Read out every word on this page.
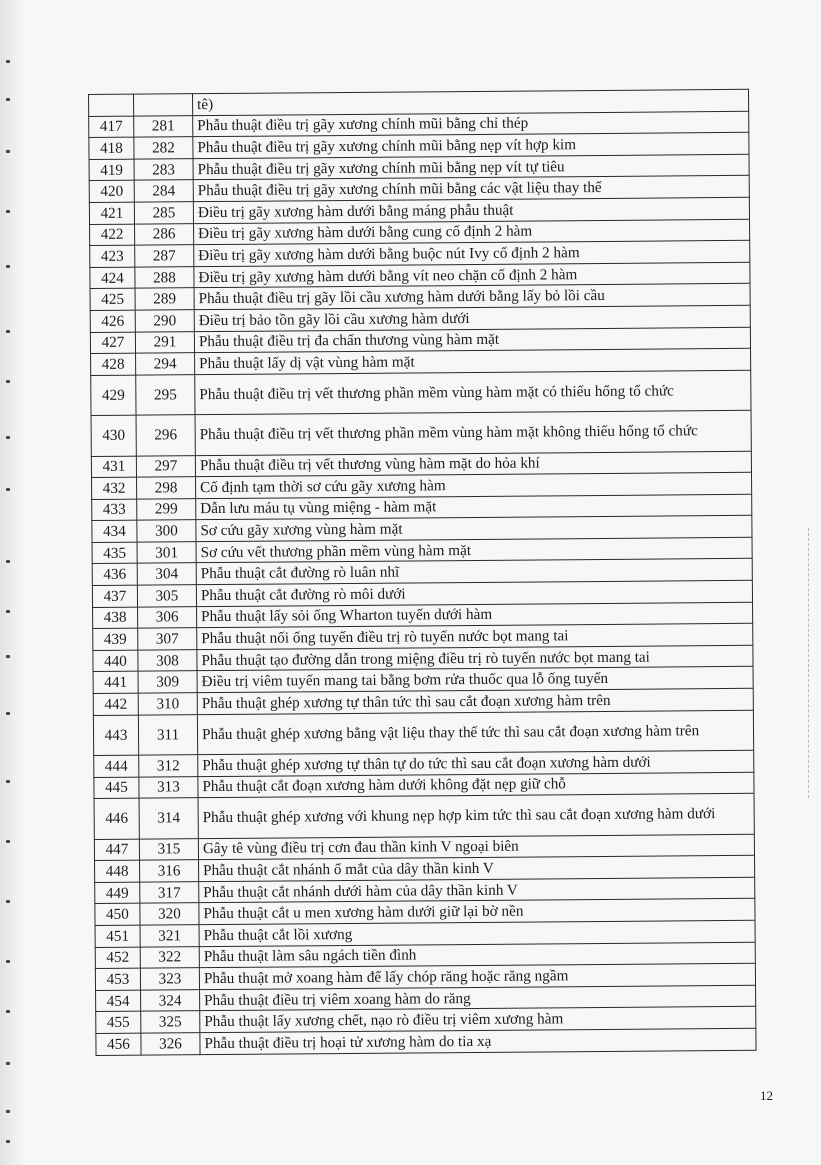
		tê)
417	281	Phẫu thuật điều trị gãy xương chính mũi bằng chỉ thép
418	282	Phẫu thuật điều trị gãy xương chính mũi bằng nẹp vít hợp kim
419	283	Phẫu thuật điều trị gãy xương chính mũi bằng nẹp vít tự tiêu
420	284	Phẫu thuật điều trị gãy xương chính mũi bằng các vật liệu thay thế
421	285	Điều trị gãy xương hàm dưới bằng máng phẫu thuật
422	286	Điều trị gãy xương hàm dưới bằng cung cố định 2 hàm
423	287	Điều trị gãy xương hàm dưới bằng buộc nút Ivy cố định 2 hàm
424	288	Điều trị gãy xương hàm dưới bằng vít neo chặn cố định 2 hàm
425	289	Phẫu thuật điều trị gãy lồi cầu xương hàm dưới bằng lấy bỏ lồi cầu
426	290	Điều trị bảo tồn gãy lồi cầu xương hàm dưới
427	291	Phẫu thuật điều trị đa chấn thương vùng hàm mặt
428	294	Phẫu thuật lấy dị vật vùng hàm mặt
429	295	Phẫu thuật điều trị vết thương phần mềm vùng hàm mặt có thiếu hổng tổ chức
430	296	Phẫu thuật điều trị vết thương phần mềm vùng hàm mặt không thiếu hổng tổ chức
431	297	Phẫu thuật điều trị vết thương vùng hàm mặt do hỏa khí
432	298	Cố định tạm thời sơ cứu gãy xương hàm
433	299	Dẫn lưu máu tụ vùng miệng - hàm mặt
434	300	Sơ cứu gãy xương vùng hàm mặt
435	301	Sơ cứu vết thương phần mềm vùng hàm mặt
436	304	Phẫu thuật cắt đường rò luân nhĩ
437	305	Phẫu thuật cắt đường rò môi dưới
438	306	Phẫu thuật lấy sỏi ống Wharton tuyến dưới hàm
439	307	Phẫu thuật nối ống tuyến điều trị rò tuyến nước bọt mang tai
440	308	Phẫu thuật tạo đường dẫn trong miệng điều trị rò tuyến nước bọt mang tai
441	309	Điều trị viêm tuyến mang tai bằng bơm rửa thuốc qua lỗ ống tuyến
442	310	Phẫu thuật ghép xương tự thân tức thì sau cắt đoạn xương hàm trên
443	311	Phẫu thuật ghép xương bằng vật liệu thay thế tức thì sau cắt đoạn xương hàm trên
444	312	Phẫu thuật ghép xương tự thân tự do tức thì sau cắt đoạn xương hàm dưới
445	313	Phẫu thuật cắt đoạn xương hàm dưới không đặt nẹp giữ chỗ
446	314	Phẫu thuật ghép xương với khung nẹp hợp kim tức thì sau cắt đoạn xương hàm dưới
447	315	Gây tê vùng điều trị cơn đau thần kinh V ngoại biên
448	316	Phẫu thuật cắt nhánh ổ mắt của dây thần kinh V
449	317	Phẫu thuật cắt nhánh dưới hàm của dây thần kinh V
450	320	Phẫu thuật cắt u men xương hàm dưới giữ lại bờ nền
451	321	Phẫu thuật cắt lồi xương
452	322	Phẫu thuật làm sâu ngách tiền đình
453	323	Phẫu thuật mở xoang hàm để lấy chóp răng hoặc răng ngầm
454	324	Phẫu thuật điều trị viêm xoang hàm do răng
455	325	Phẫu thuật lấy xương chết, nạo rò điều trị viêm xương hàm
456	326	Phẫu thuật điều trị hoại tử xương hàm do tia xạ
12
